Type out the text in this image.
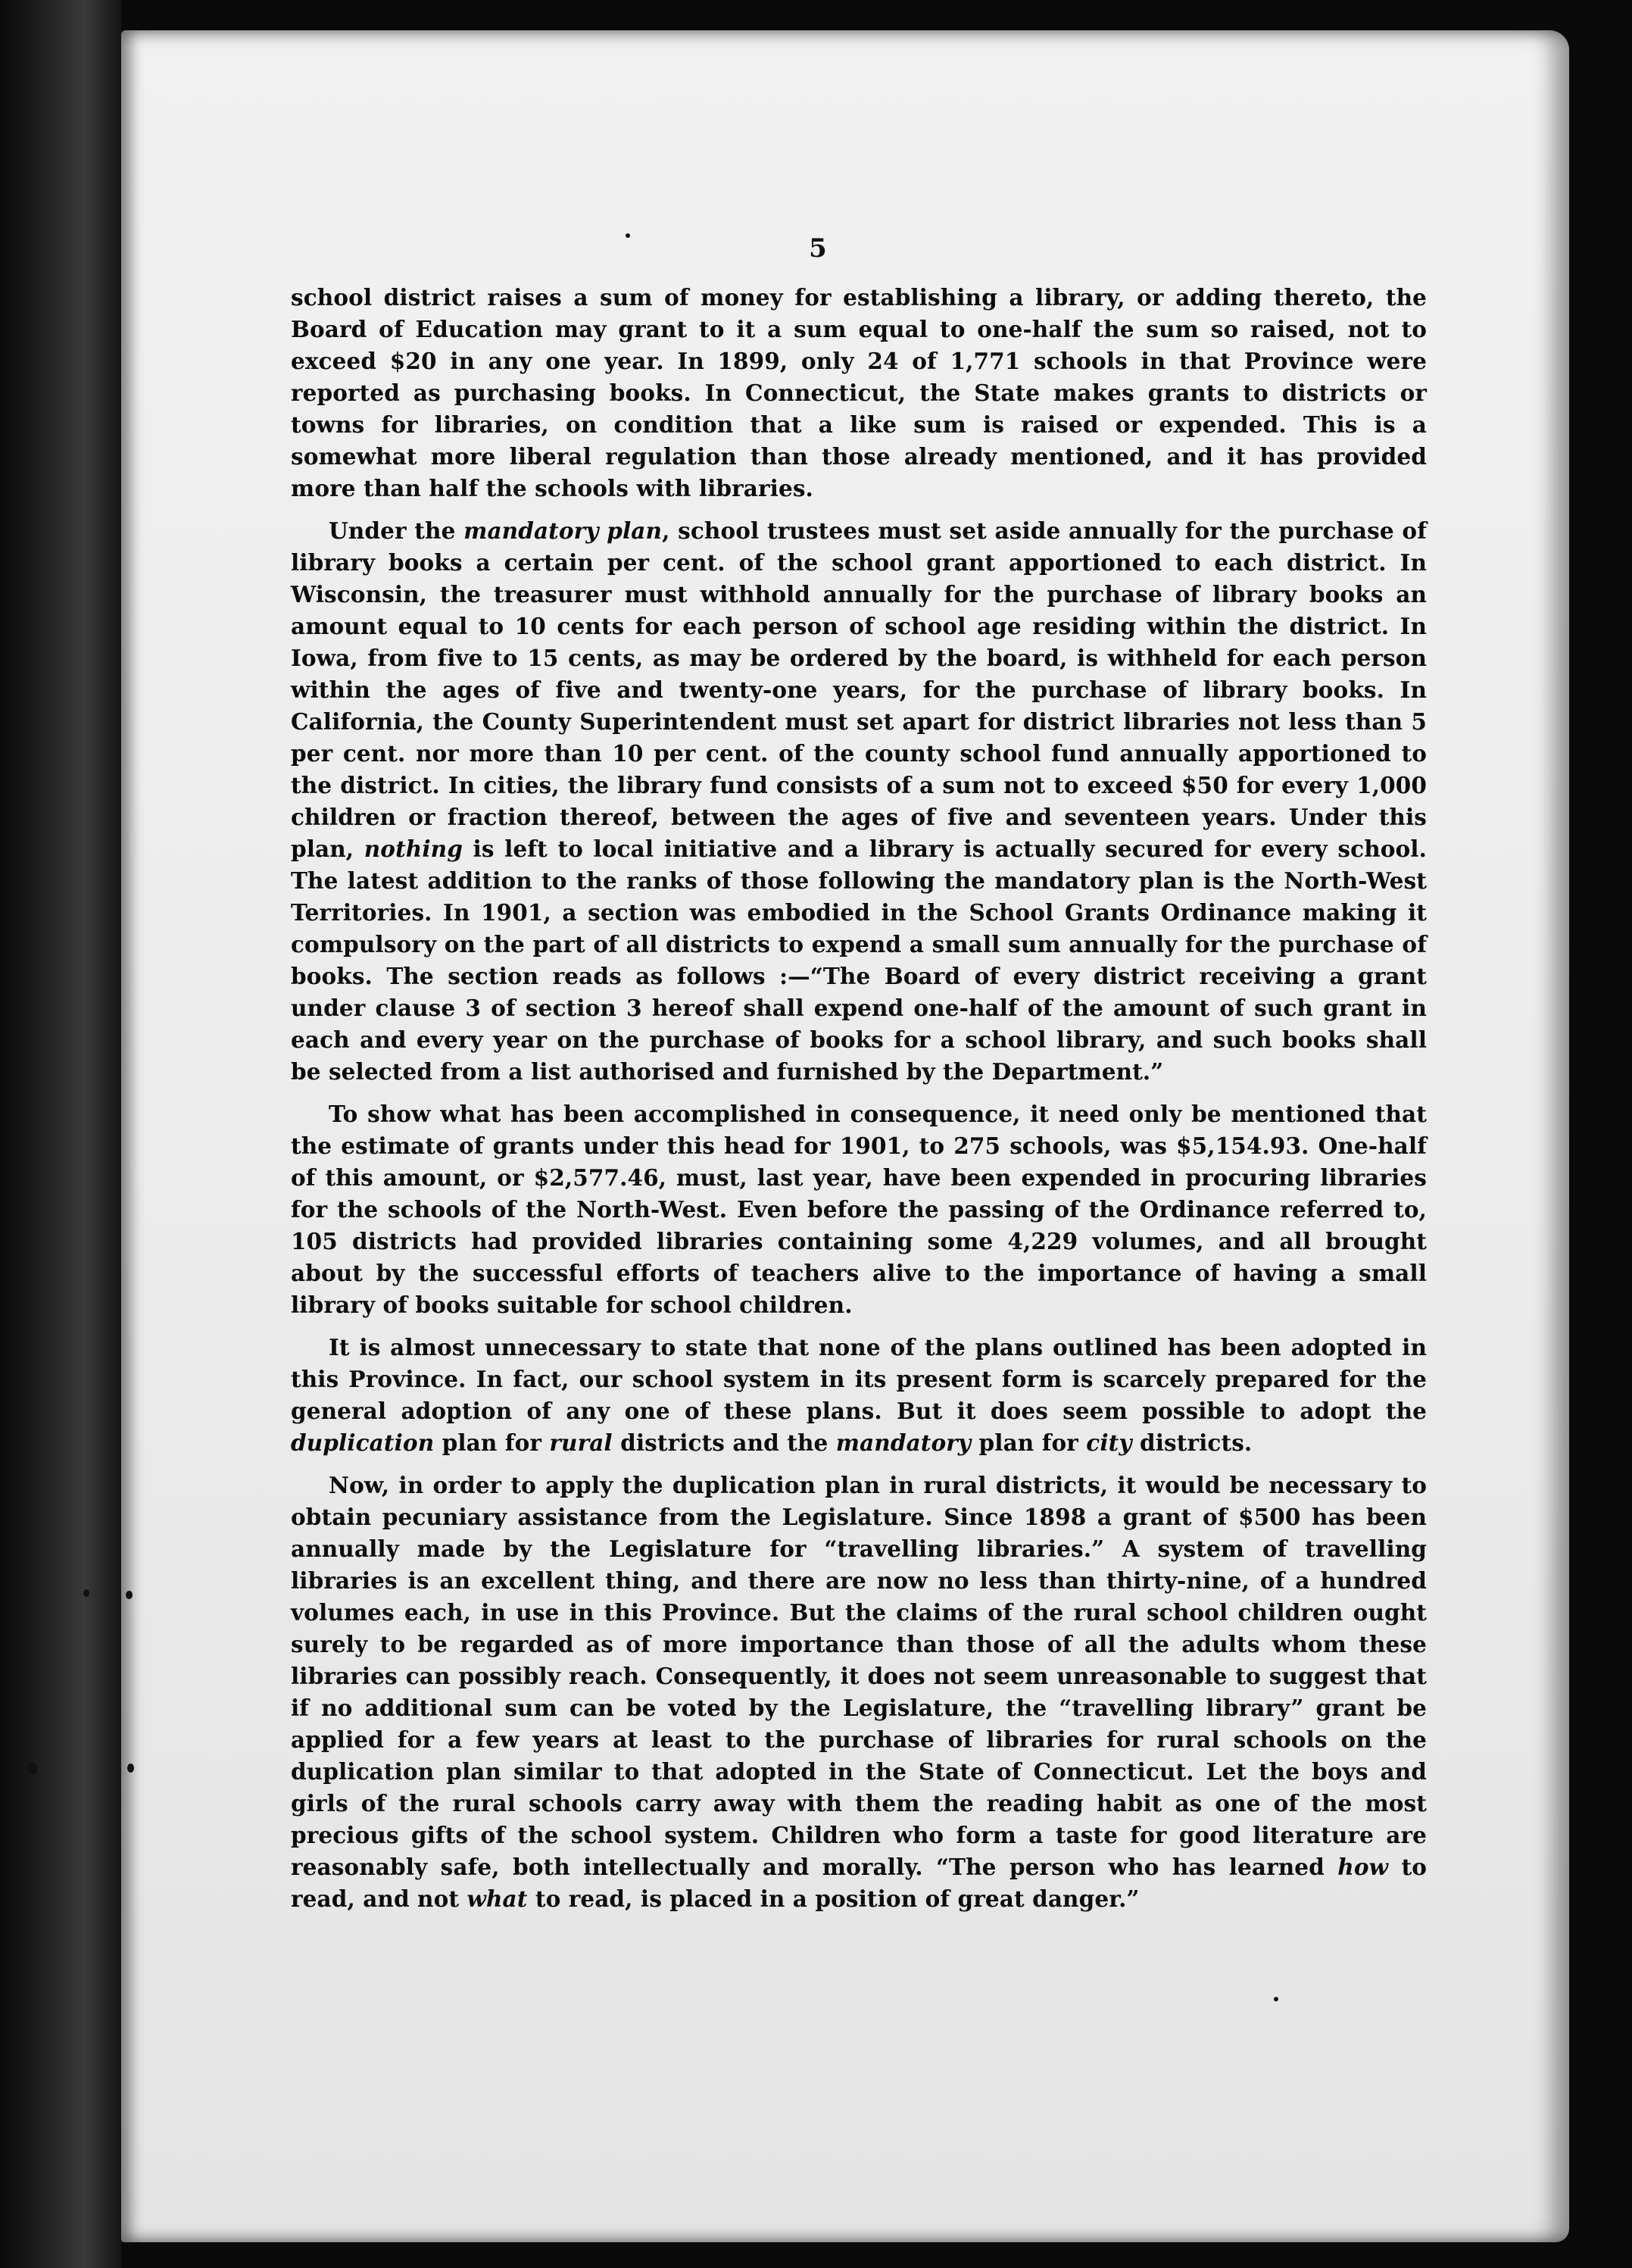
5

school district raises a sum of money for establishing a library, or adding thereto, the Board of Education may grant to it a sum equal to one-half the sum so raised, not to exceed $20 in any one year. In 1899, only 24 of 1,771 schools in that Province were reported as purchasing books. In Connecticut, the State makes grants to districts or towns for libraries, on condition that a like sum is raised or expended. This is a somewhat more liberal regulation than those already mentioned, and it has provided more than half the schools with libraries.

Under the mandatory plan, school trustees must set aside annually for the purchase of library books a certain per cent. of the school grant apportioned to each district. In Wisconsin, the treasurer must withhold annually for the purchase of library books an amount equal to 10 cents for each person of school age residing within the district. In Iowa, from five to 15 cents, as may be ordered by the board, is withheld for each person within the ages of five and twenty-one years, for the purchase of library books. In California, the County Superintendent must set apart for district libraries not less than 5 per cent. nor more than 10 per cent. of the county school fund annually apportioned to the district. In cities, the library fund consists of a sum not to exceed $50 for every 1,000 children or fraction thereof, between the ages of five and seventeen years. Under this plan, nothing is left to local initiative and a library is actually secured for every school. The latest addition to the ranks of those following the mandatory plan is the North-West Territories. In 1901, a section was embodied in the School Grants Ordinance making it compulsory on the part of all districts to expend a small sum annually for the purchase of books. The section reads as follows :—“The Board of every district receiving a grant under clause 3 of section 3 hereof shall expend one-half of the amount of such grant in each and every year on the purchase of books for a school library, and such books shall be selected from a list authorised and furnished by the Department.”

To show what has been accomplished in consequence, it need only be mentioned that the estimate of grants under this head for 1901, to 275 schools, was $5,154.93. One-half of this amount, or $2,577.46, must, last year, have been expended in procuring libraries for the schools of the North-West. Even before the passing of the Ordinance referred to, 105 districts had provided libraries containing some 4,229 volumes, and all brought about by the successful efforts of teachers alive to the importance of having a small library of books suitable for school children.

It is almost unnecessary to state that none of the plans outlined has been adopted in this Province. In fact, our school system in its present form is scarcely prepared for the general adoption of any one of these plans. But it does seem possible to adopt the duplication plan for rural districts and the mandatory plan for city districts.

Now, in order to apply the duplication plan in rural districts, it would be necessary to obtain pecuniary assistance from the Legislature. Since 1898 a grant of $500 has been annually made by the Legislature for “travelling libraries.” A system of travelling libraries is an excellent thing, and there are now no less than thirty-nine, of a hundred volumes each, in use in this Province. But the claims of the rural school children ought surely to be regarded as of more importance than those of all the adults whom these libraries can possibly reach. Consequently, it does not seem unreasonable to suggest that if no additional sum can be voted by the Legislature, the “travelling library” grant be applied for a few years at least to the purchase of libraries for rural schools on the duplication plan similar to that adopted in the State of Connecticut. Let the boys and girls of the rural schools carry away with them the reading habit as one of the most precious gifts of the school system. Children who form a taste for good literature are reasonably safe, both intellectually and morally. “The person who has learned how to read, and not what to read, is placed in a position of great danger.”
